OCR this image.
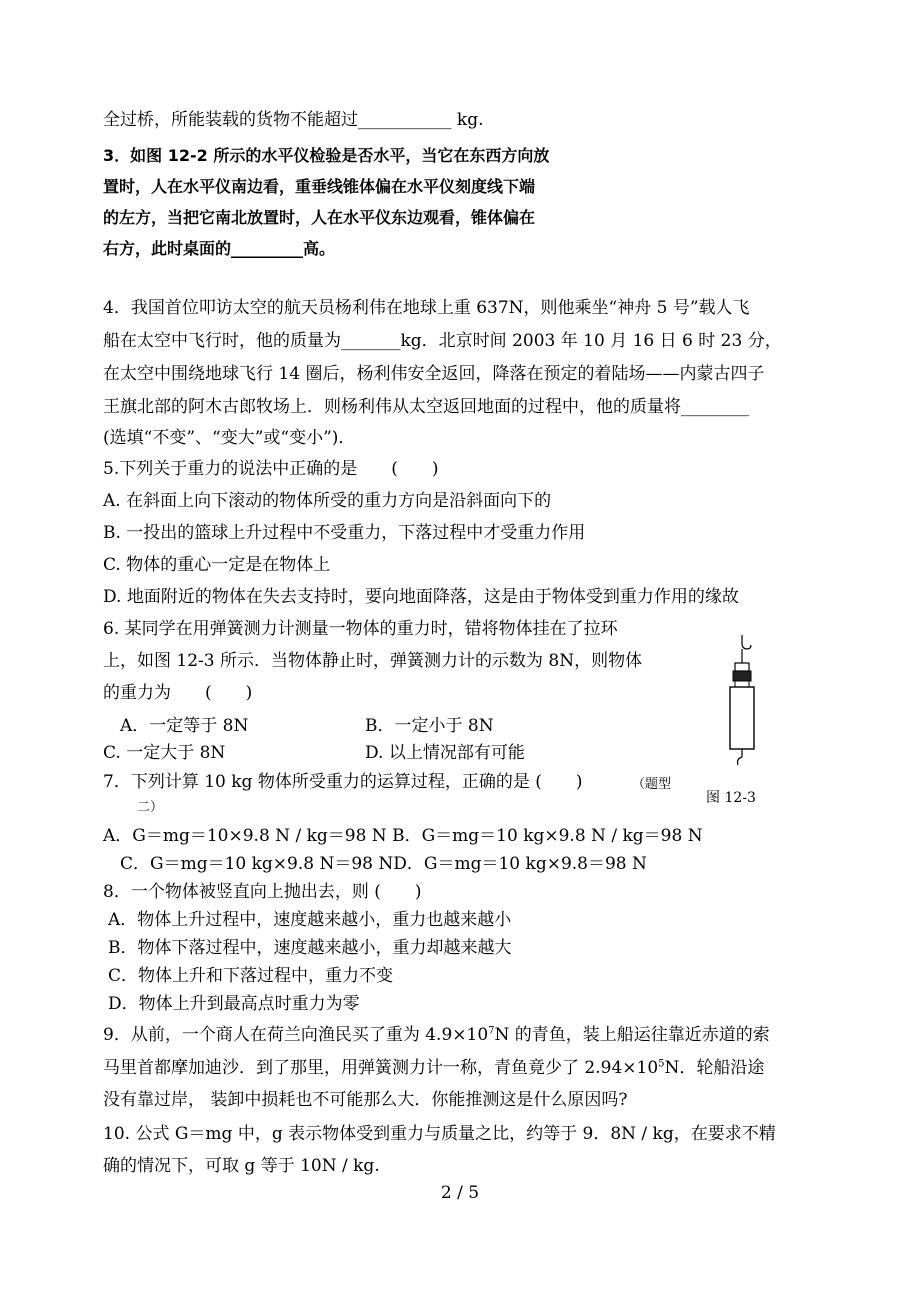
全过桥，所能装载的货物不能超过___________ kg.
3．如图 12-2 所示的水平仪检验是否水平，当它在东西方向放
置时，人在水平仪南边看，重垂线锥体偏在水平仪刻度线下端
的左方，当把它南北放置时，人在水平仪东边观看，锥体偏在
右方，此时桌面的_________高。
4．我国首位叩访太空的航天员杨利伟在地球上重 637N，则他乘坐“神舟 5 号”载人飞
船在太空中飞行时，他的质量为_______kg．北京时间 2003 年 10 月 16 日 6 时 23 分，
在太空中围绕地球飞行 14 圈后，杨利伟安全返回，降落在预定的着陆场——内蒙古四子
王旗北部的阿木古郎牧场上．则杨利伟从太空返回地面的过程中，他的质量将________
(选填“不变”、“变大”或“变小”)．
5.下列关于重力的说法中正确的是　　(　　)
A. 在斜面上向下滚动的物体所受的重力方向是沿斜面向下的
B. 一投出的篮球上升过程中不受重力，下落过程中才受重力作用
C. 物体的重心一定是在物体上
D. 地面附近的物体在失去支持时，要向地面降落，这是由于物体受到重力作用的缘故
6. 某同学在用弹簧测力计测量一物体的重力时，错将物体挂在了拉环
上，如图 12-3 所示．当物体静止时，弹簧测力计的示数为 8N，则物体
的重力为　　(　　)
A．一定等于 8N	B．一定小于 8N
C. 一定大于 8N	D. 以上情况部有可能
7．下列计算 10 kg 物体所受重力的运算过程，正确的是 (　　)	（题型
二）
A．G＝mg＝10×9.8 N / kg＝98 N B．G＝mg＝10 kg×9.8 N / kg＝98 N
C．G＝mg＝10 kg×9.8 N＝98 ND．G＝mg＝10 kg×9.8＝98 N
8．一个物体被竖直向上抛出去，则 (　　)
A．物体上升过程中，速度越来越小，重力也越来越小
B．物体下落过程中，速度越来越小，重力却越来越大
C．物体上升和下落过程中，重力不变
D．物体上升到最高点时重力为零
9．从前，一个商人在荷兰向渔民买了重为 $4.9\times 10^7N$ 的青鱼，装上船运往靠近赤道的索
马里首都摩加迪沙．到了那里，用弹簧测力计一称，青鱼竟少了 $2.94\times 10^5N$．轮船沿途
没有靠过岸， 装卸中损耗也不可能那么大．你能推测这是什么原因吗?
10. 公式 G＝mg 中，g 表示物体受到重力与质量之比，约等于 9．8N / kg，在要求不精
确的情况下，可取 g 等于 10N / kg.
图 12-3
2 / 5
